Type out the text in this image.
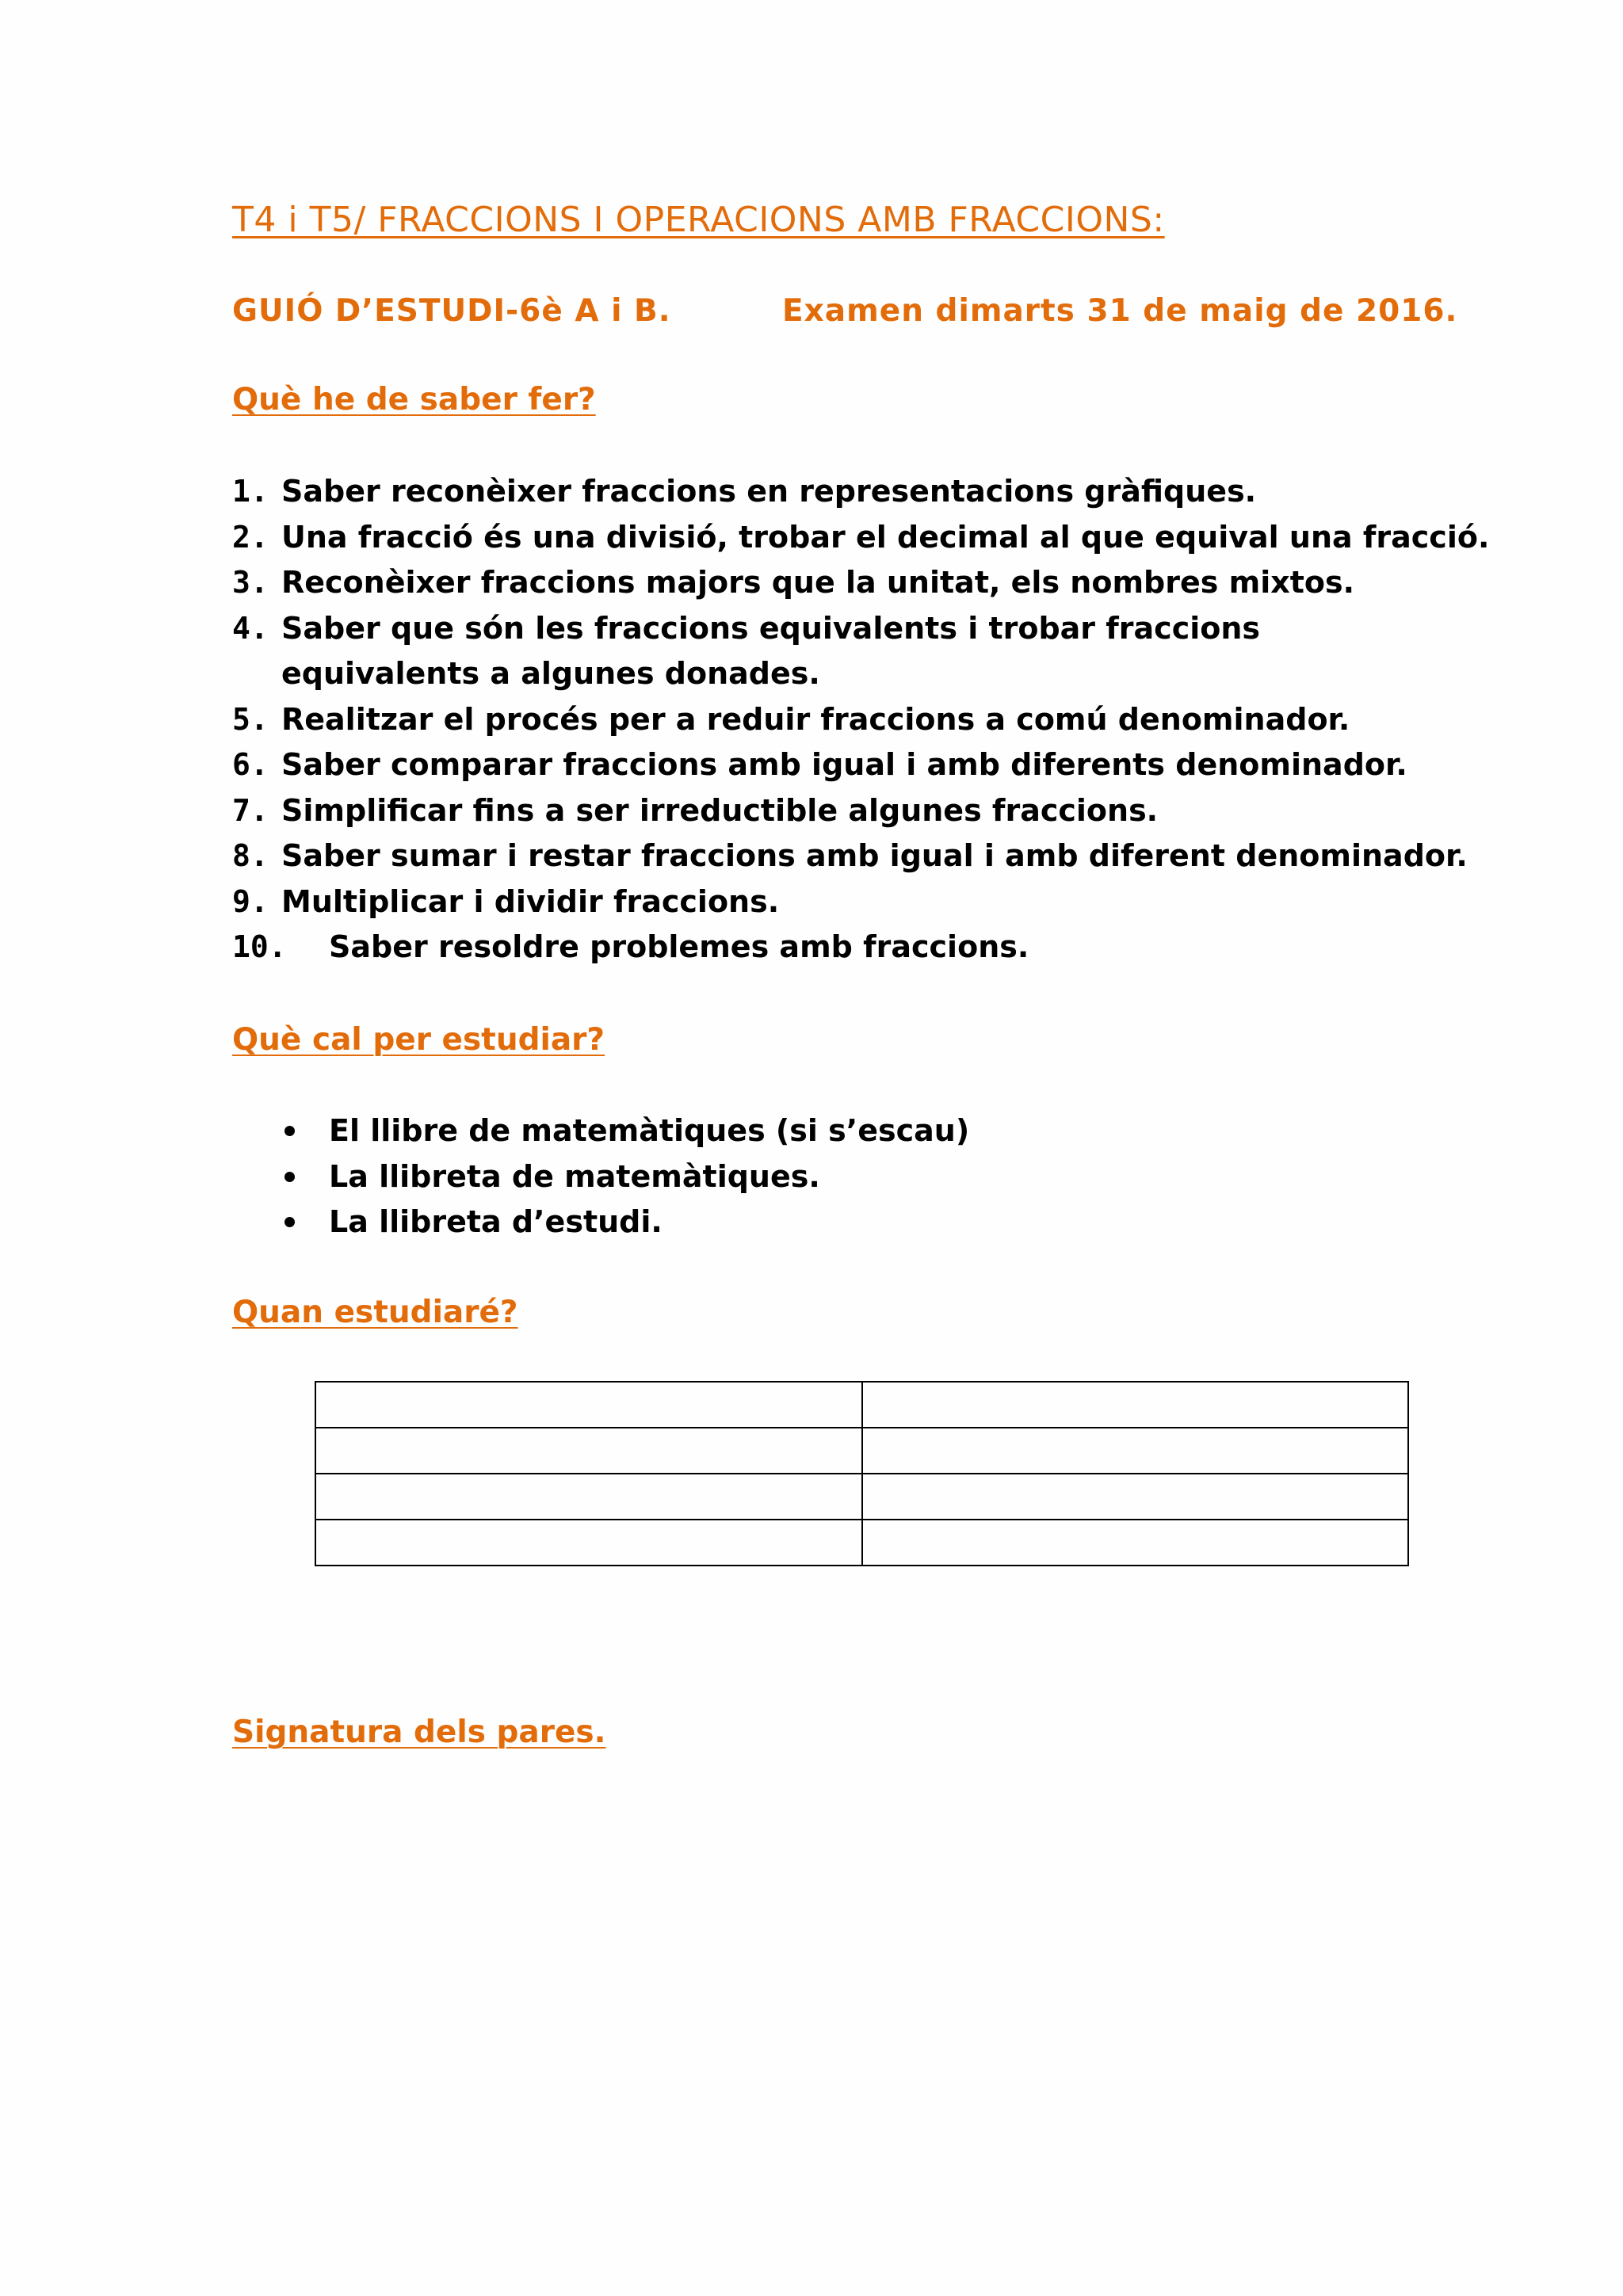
T4 i T5/ FRACCIONS I OPERACIONS AMB FRACCIONS:
GUIÓ D’ESTUDI-6è A i B.	Examen dimarts 31 de maig de 2016.
Què he de saber fer?
1. Saber reconèixer fraccions en representacions gràfiques.
2. Una fracció és una divisió, trobar el decimal al que equival una fracció.
3. Reconèixer fraccions majors que la unitat, els nombres mixtos.
4. Saber que són les fraccions equivalents i trobar fraccions equivalents a algunes donades.
5. Realitzar el procés per a reduir fraccions a comú denominador.
6. Saber comparar fraccions amb igual i amb diferents denominador.
7. Simplificar fins a ser irreductible algunes fraccions.
8. Saber sumar i restar fraccions amb igual i amb diferent denominador.
9. Multiplicar i dividir fraccions.
10. Saber resoldre problemes amb fraccions.
Què cal per estudiar?
El llibre de matemàtiques (si s’escau)
La llibreta de matemàtiques.
La llibreta d’estudi.
Quan estudiaré?

Signatura dels pares.
